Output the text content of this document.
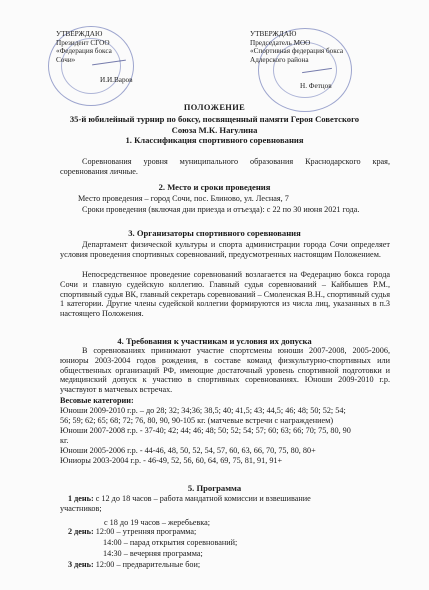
УТВЕРЖДАЮ
Президент СГОО
«Федерация бокса
Сочи»
И.И.Варов
УТВЕРЖДАЮ
Председатель МОО
«Спортивная федерация бокса
Адлерского района
Н. Фетцов
ПОЛОЖЕНИЕ
35-й юбилейный турнир по боксу, посвященный памяти Героя Советского
Союза М.К. Нагулина
1. Классификация спортивного соревнования
Соревнования уровня муниципального образования Краснодарского края, соревнования личные.
2. Место и сроки проведения
Место проведения – город Сочи, пос. Блиново, ул. Лесная, 7
Сроки проведения (включая дни приезда и отъезда): с 22 по 30 июня 2021 года.
3. Организаторы спортивного соревнования
Департамент физической культуры и спорта администрации города Сочи определяет условия проведения спортивных соревнований, предусмотренных настоящим Положением.
Непосредственное проведение соревнований возлагается на Федерацию бокса города Сочи и главную судейскую коллегию. Главный судья соревнований – Кайбышев Р.М., спортивный судья ВК, главный секретарь соревнований – Смоленская В.Н., спортивный судья 1 категории. Другие члены судейской коллегии формируются из числа лиц, указанных в п.3 настоящего Положения.
4. Требования к участникам и условия их допуска
В соревнованиях принимают участие спортсмены юноши 2007-2008, 2005-2006, юниоры 2003-2004 годов рождения, в составе команд физкультурно-спортивных или общественных организаций РФ, имеющие достаточный уровень спортивной подготовки и медицинский допуск к участию в спортивных соревнованиях. Юноши 2009-2010 г.р. участвуют в матчевых встречах.
Весовые категории:
Юноши 2009-2010 г.р. – до 28; 32; 34;36; 38,5; 40; 41,5; 43; 44,5; 46; 48; 50; 52; 54;
56; 59; 62; 65; 68; 72; 76, 80, 90, 90-105 кг. (матчевые встречи с награждением)
Юноши 2007-2008 г.р. - 37-40; 42; 44; 46; 48; 50; 52; 54; 57; 60; 63; 66; 70; 75, 80, 90
кг.
Юноши 2005-2006 г.р. - 44-46, 48, 50, 52, 54, 57, 60, 63, 66, 70, 75, 80, 80+
Юниоры 2003-2004 г.р. - 46-49, 52, 56, 60, 64, 69, 75, 81, 91, 91+
5. Программа
1 день: с 12 до 18 часов – работа мандатной комиссии и взвешивание
участников;
с 18 до 19 часов – жеребьевка;
2 день: 12:00 – утренняя программа;
14:00 – парад открытия соревнований;
14:30 – вечерняя программа;
3 день: 12:00 – предварительные бои;
